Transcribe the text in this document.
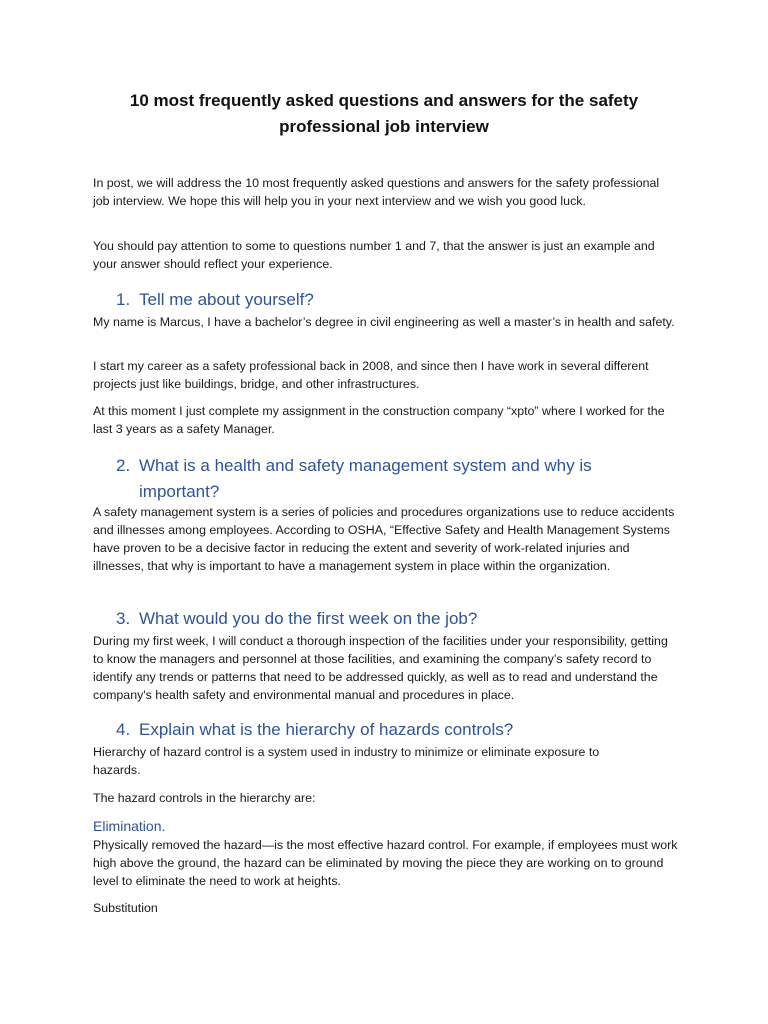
10 most frequently asked questions and answers for the safety professional job interview
In post, we will address the 10 most frequently asked questions and answers for the safety professional job interview. We hope this will help you in your next interview and we wish you good luck.
You should pay attention to some to questions number 1 and 7, that the answer is just an example and your answer should reflect your experience.
1. Tell me about yourself?
My name is Marcus, I have a bachelor’s degree in civil engineering as well a master’s in health and safety.
I start my career as a safety professional back in 2008, and since then I have work in several different projects just like buildings, bridge, and other infrastructures.
At this moment I just complete my assignment in the construction company “xpto” where I worked for the last 3 years as a safety Manager.
2. What is a health and safety management system and why is important?
A safety management system is a series of policies and procedures organizations use to reduce accidents and illnesses among employees. According to OSHA, “Effective Safety and Health Management Systems have proven to be a decisive factor in reducing the extent and severity of work-related injuries and illnesses, that why is important to have a management system in place within the organization.
3. What would you do the first week on the job?
During my first week, I will conduct a thorough inspection of the facilities under your responsibility, getting to know the managers and personnel at those facilities, and examining the company’s safety record to identify any trends or patterns that need to be addressed quickly, as well as to read and understand the company's health safety and environmental manual and procedures in place.
4. Explain what is the hierarchy of hazards controls?
Hierarchy of hazard control is a system used in industry to minimize or eliminate exposure to hazards.
The hazard controls in the hierarchy are:
Elimination.
Physically removed the hazard—is the most effective hazard control. For example, if employees must work high above the ground, the hazard can be eliminated by moving the piece they are working on to ground level to eliminate the need to work at heights.
Substitution
